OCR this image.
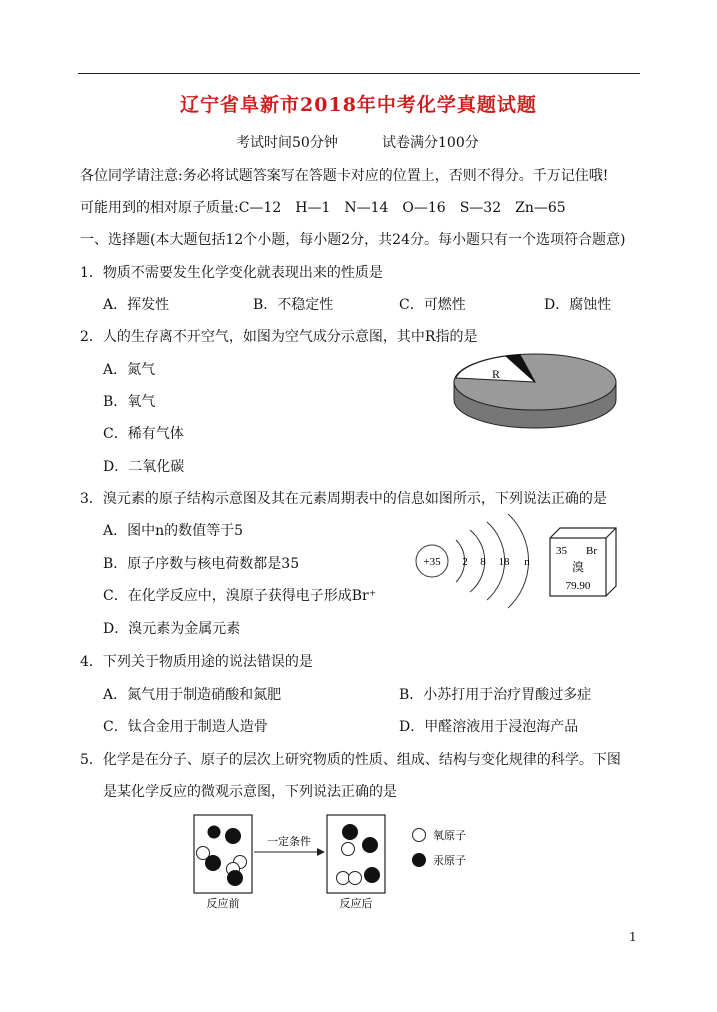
辽宁省阜新市2018年中考化学真题试题
考试时间50分钟	试卷满分100分
各位同学请注意:务必将试题答案写在答题卡对应的位置上，否则不得分。千万记住哦!
可能用到的相对原子质量:C—12　H—1　N—14　O—16　S—32　Zn—65
一、选择题(本大题包括12个小题，每小题2分，共24分。每小题只有一个选项符合题意)
1．物质不需要发生化学变化就表现出来的性质是
A．挥发性	B．不稳定性	C．可燃性	D．腐蚀性
2．人的生存离不开空气，如图为空气成分示意图，其中R指的是
A．氮气
B．氧气
C．稀有气体
D．二氧化碳
R
3．溴元素的原子结构示意图及其在元素周期表中的信息如图所示，下列说法正确的是
A．图中n的数值等于5
B．原子序数与核电荷数都是35
C．在化学反应中，溴原子获得电子形成Br⁺
D．溴元素为金属元素
+35 2 8 18 n
35 Br
溴
79.90
4．下列关于物质用途的说法错误的是
A．氮气用于制造硝酸和氮肥	B．小苏打用于治疗胃酸过多症
C．钛合金用于制造人造骨	D．甲醛溶液用于浸泡海产品
5．化学是在分子、原子的层次上研究物质的性质、组成、结构与变化规律的科学。下图
是某化学反应的微观示意图，下列说法正确的是
反应前
一定条件
反应后
氧原子
汞原子
1
